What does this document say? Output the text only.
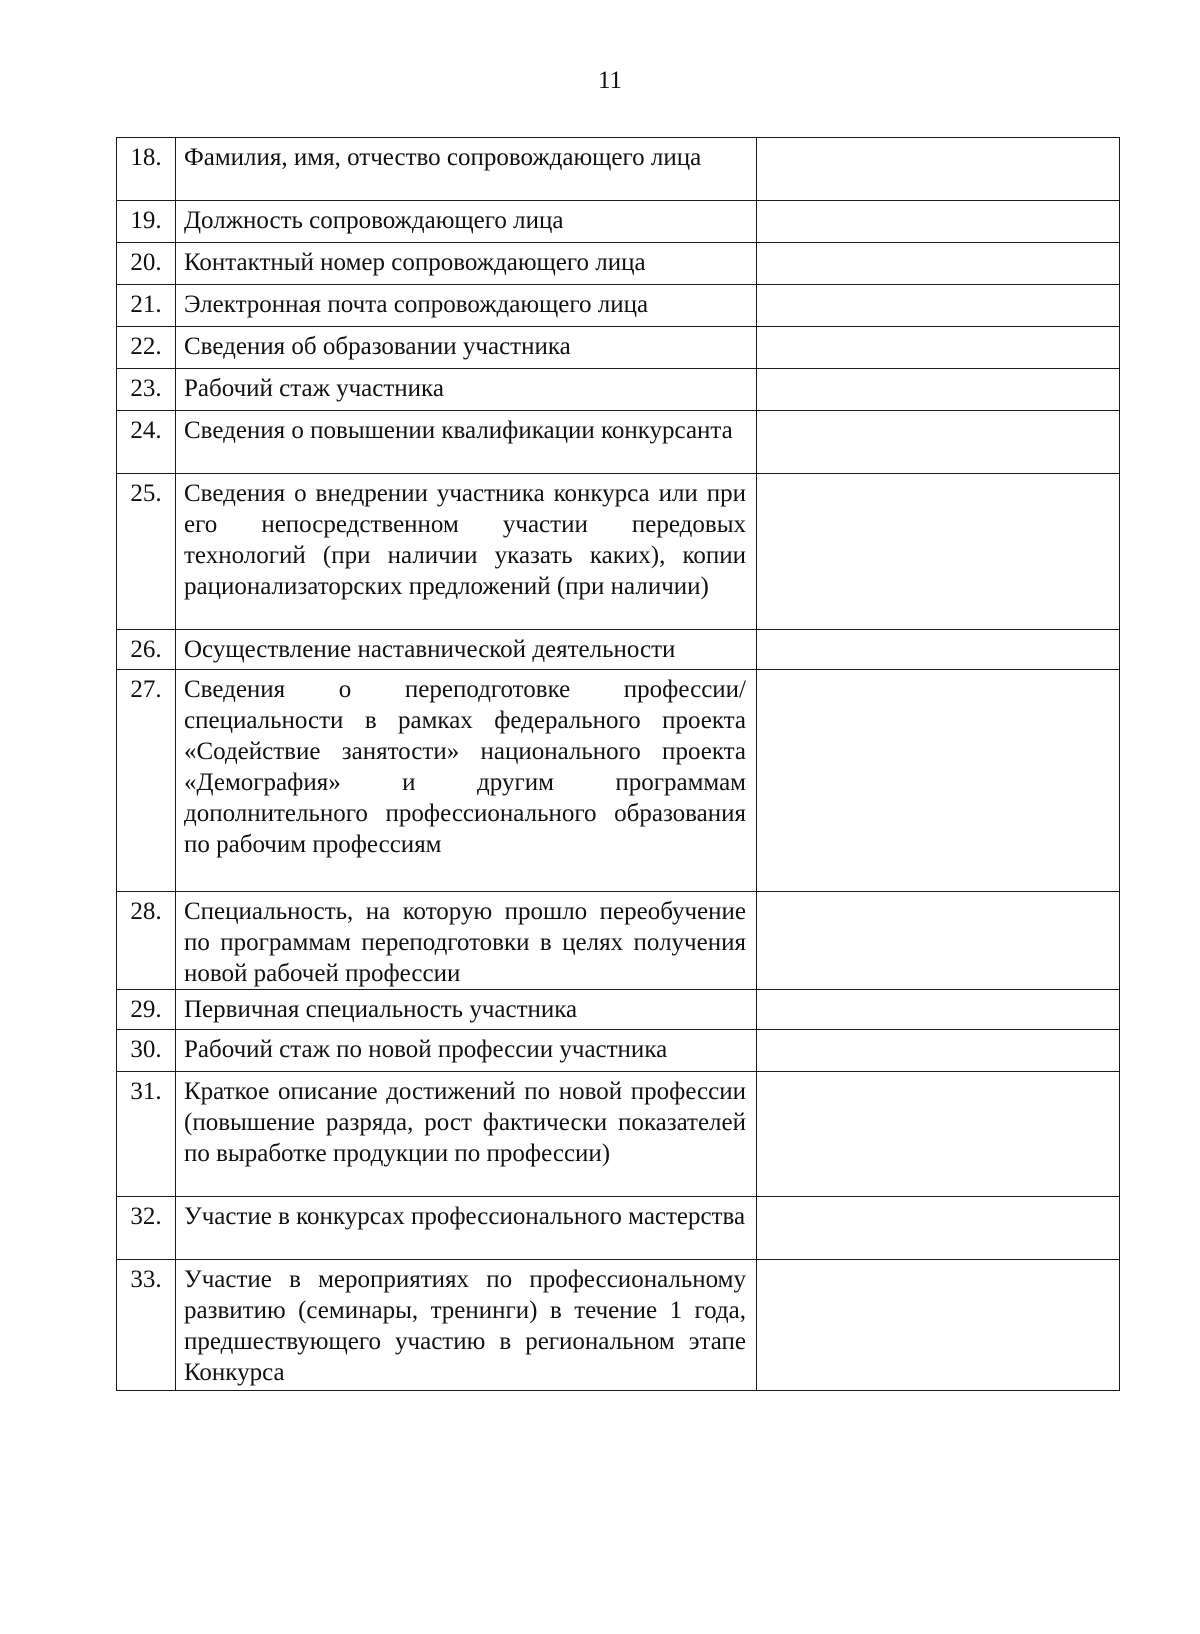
11
18.	Фамилия, имя, отчество сопровождающего лица	
19.	Должность сопровождающего лица	
20.	Контактный номер сопровождающего лица	
21.	Электронная почта сопровождающего лица	
22.	Сведения об образовании участника	
23.	Рабочий стаж участника	
24.	Сведения о повышении квалификации конкурсанта	
25.	Сведения о внедрении участника конкурса или при его непосредственном участии передовых технологий (при наличии указать каких), копии рационализаторских предложений (при наличии)	
26.	Осуществление наставнической деятельности	
27.	Сведения о переподготовке профессии/специальности в рамках федерального проекта «Содействие занятости» национального проекта «Демография» и другим программам дополнительного профессионального образования по рабочим профессиям	
28.	Специальность, на которую прошло переобучение по программам переподготовки в целях получения новой рабочей профессии	
29.	Первичная специальность участника	
30.	Рабочий стаж по новой профессии участника	
31.	Краткое описание достижений по новой профессии (повышение разряда, рост фактически показателей по выработке продукции по профессии)	
32.	Участие в конкурсах профессионального мастерства	
33.	Участие в мероприятиях по профессиональному развитию (семинары, тренинги) в течение 1 года, предшествующего участию в региональном этапе Конкурса	
